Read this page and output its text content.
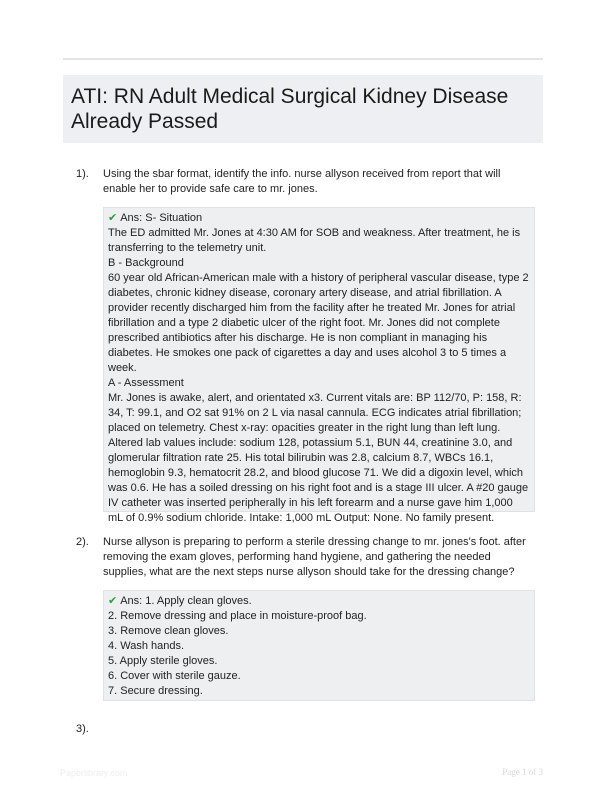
ATI: RN Adult Medical Surgical Kidney Disease Already Passed
1). Using the sbar format, identify the info. nurse allyson received from report that will enable her to provide safe care to mr. jones.

✔ Ans: S- Situation

The ED admitted Mr. Jones at 4:30 AM for SOB and weakness. After treatment, he is transferring to the telemetry unit.

B - Background

60 year old African-American male with a history of peripheral vascular disease, type 2 diabetes, chronic kidney disease, coronary artery disease, and atrial fibrillation. A provider recently discharged him from the facility after he treated Mr. Jones for atrial fibrillation and a type 2 diabetic ulcer of the right foot. Mr. Jones did not complete prescribed antibiotics after his discharge. He is non compliant in managing his diabetes. He smokes one pack of cigarettes a day and uses alcohol 3 to 5 times a week.

A - Assessment

Mr. Jones is awake, alert, and orientated x3. Current vitals are: BP 112/70, P: 158, R: 34, T: 99.1, and O2 sat 91% on 2 L via nasal cannula. ECG indicates atrial fibrillation; placed on telemetry. Chest x-ray: opacities greater in the right lung than left lung. Altered lab values include: sodium 128, potassium 5.1, BUN 44, creatinine 3.0, and glomerular filtration rate 25. His total bilirubin was 2.8, calcium 8.7, WBCs 16.1, hemoglobin 9.3, hematocrit 28.2, and blood glucose 71. We did a digoxin level, which was 0.6. He has a soiled dressing on his right foot and is a stage III ulcer. A #20 gauge IV catheter was inserted peripherally in his left forearm and a nurse gave him 1,000 mL of 0.9% sodium chloride. Intake: 1,000 mL Output: None. No family present.

2). Nurse allyson is preparing to perform a sterile dressing change to mr. jones's foot. after removing the exam gloves, performing hand hygiene, and gathering the needed supplies, what are the next steps nurse allyson should take for the dressing change?

✔ Ans: 1. Apply clean gloves.

2. Remove dressing and place in moisture-proof bag.

3. Remove clean gloves.

4. Wash hands.

5. Apply sterile gloves.

6. Cover with sterile gauze.

7. Secure dressing.

3).
Paperlibrary.com	Page 1 of 3
